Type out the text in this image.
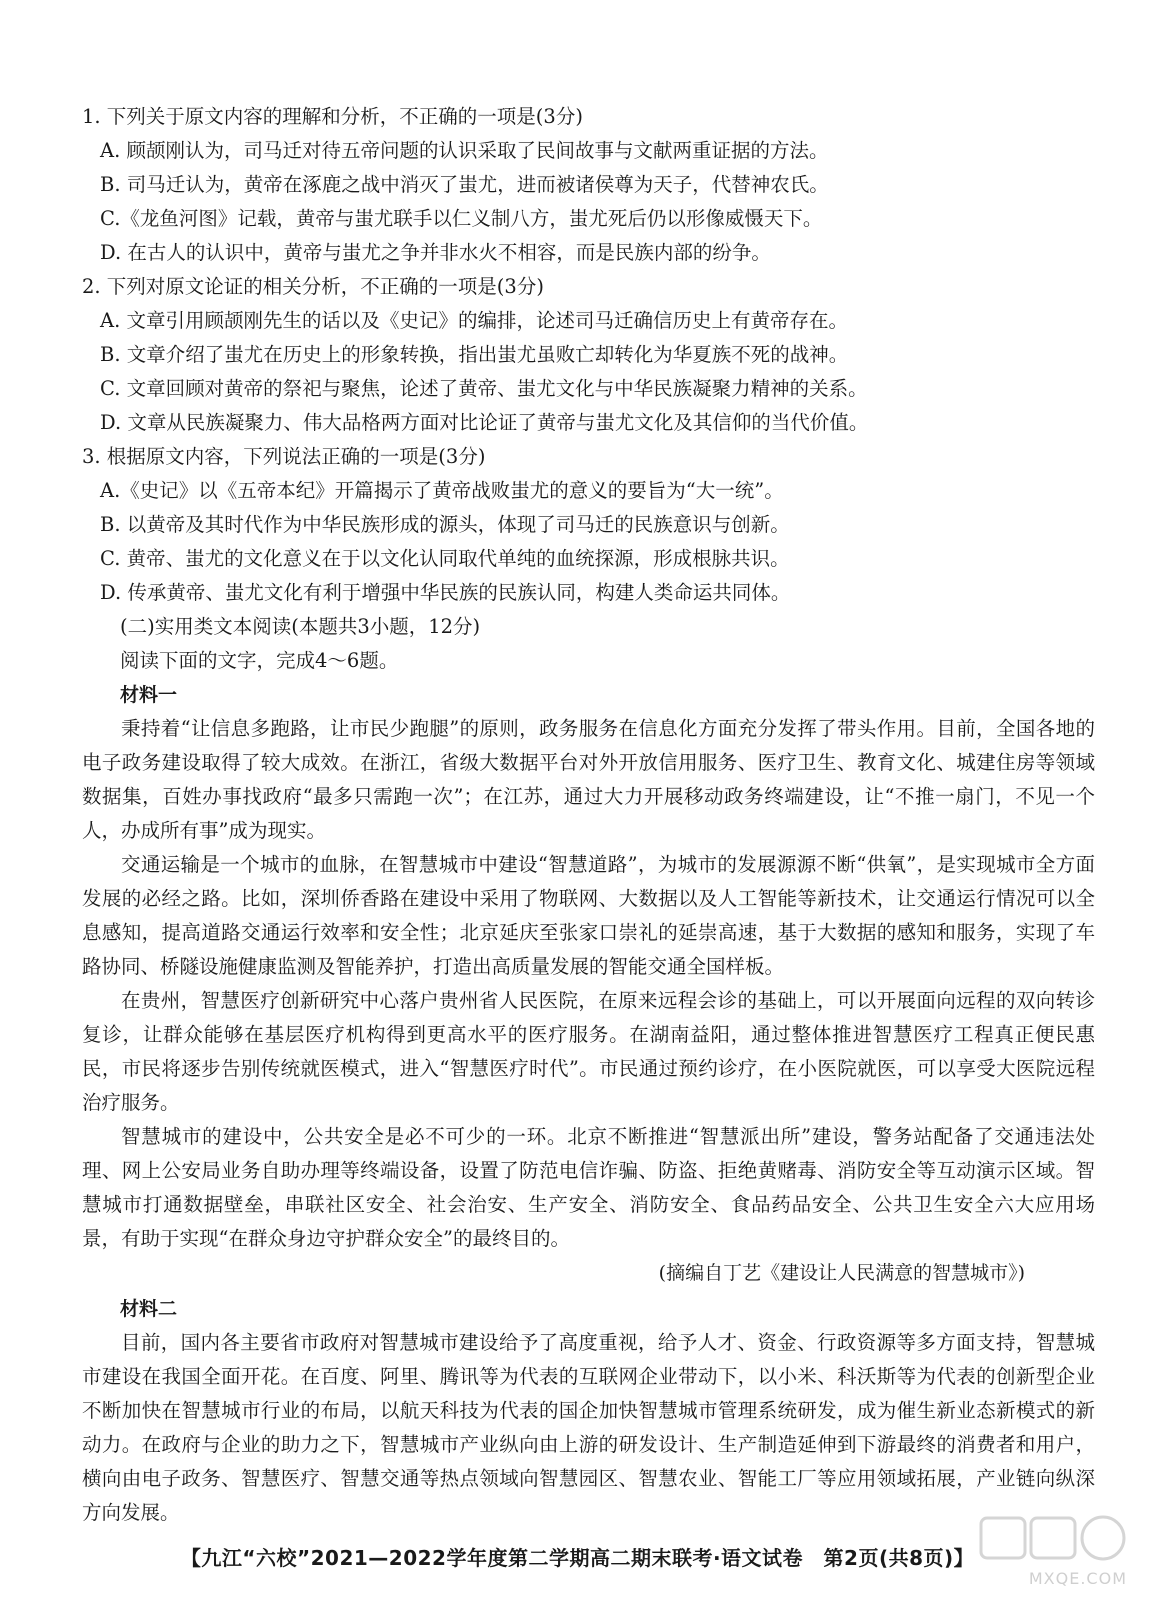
1. 下列关于原文内容的理解和分析，不正确的一项是(3分)
A. 顾颉刚认为，司马迁对待五帝问题的认识采取了民间故事与文献两重证据的方法。
B. 司马迁认为，黄帝在涿鹿之战中消灭了蚩尤，进而被诸侯尊为天子，代替神农氏。
C.《龙鱼河图》记载，黄帝与蚩尤联手以仁义制八方，蚩尤死后仍以形像威慑天下。
D. 在古人的认识中，黄帝与蚩尤之争并非水火不相容，而是民族内部的纷争。
2. 下列对原文论证的相关分析，不正确的一项是(3分)
A. 文章引用顾颉刚先生的话以及《史记》的编排，论述司马迁确信历史上有黄帝存在。
B. 文章介绍了蚩尤在历史上的形象转换，指出蚩尤虽败亡却转化为华夏族不死的战神。
C. 文章回顾对黄帝的祭祀与聚焦，论述了黄帝、蚩尤文化与中华民族凝聚力精神的关系。
D. 文章从民族凝聚力、伟大品格两方面对比论证了黄帝与蚩尤文化及其信仰的当代价值。
3. 根据原文内容，下列说法正确的一项是(3分)
A.《史记》以《五帝本纪》开篇揭示了黄帝战败蚩尤的意义的要旨为“大一统”。
B. 以黄帝及其时代作为中华民族形成的源头，体现了司马迁的民族意识与创新。
C. 黄帝、蚩尤的文化意义在于以文化认同取代单纯的血统探源，形成根脉共识。
D. 传承黄帝、蚩尤文化有利于增强中华民族的民族认同，构建人类命运共同体。
(二)实用类文本阅读(本题共3小题，12分)
阅读下面的文字，完成4～6题。
材料一

秉持着“让信息多跑路，让市民少跑腿”的原则，政务服务在信息化方面充分发挥了带头作用。目前，全国各地的电子政务建设取得了较大成效。在浙江，省级大数据平台对外开放信用服务、医疗卫生、教育文化、城建住房等领域数据集，百姓办事找政府“最多只需跑一次”；在江苏，通过大力开展移动政务终端建设，让“不推一扇门，不见一个人，办成所有事”成为现实。

交通运输是一个城市的血脉，在智慧城市中建设“智慧道路”，为城市的发展源源不断“供氧”，是实现城市全方面发展的必经之路。比如，深圳侨香路在建设中采用了物联网、大数据以及人工智能等新技术，让交通运行情况可以全息感知，提高道路交通运行效率和安全性；北京延庆至张家口崇礼的延崇高速，基于大数据的感知和服务，实现了车路协同、桥隧设施健康监测及智能养护，打造出高质量发展的智能交通全国样板。

在贵州，智慧医疗创新研究中心落户贵州省人民医院，在原来远程会诊的基础上，可以开展面向远程的双向转诊复诊，让群众能够在基层医疗机构得到更高水平的医疗服务。在湖南益阳，通过整体推进智慧医疗工程真正便民惠民，市民将逐步告别传统就医模式，进入“智慧医疗时代”。市民通过预约诊疗，在小医院就医，可以享受大医院远程治疗服务。

智慧城市的建设中，公共安全是必不可少的一环。北京不断推进“智慧派出所”建设，警务站配备了交通违法处理、网上公安局业务自助办理等终端设备，设置了防范电信诈骗、防盗、拒绝黄赌毒、消防安全等互动演示区域。智慧城市打通数据壁垒，串联社区安全、社会治安、生产安全、消防安全、食品药品安全、公共卫生安全六大应用场景，有助于实现“在群众身边守护群众安全”的最终目的。

(摘编自丁艺《建设让人民满意的智慧城市》)
材料二

目前，国内各主要省市政府对智慧城市建设给予了高度重视，给予人才、资金、行政资源等多方面支持，智慧城市建设在我国全面开花。在百度、阿里、腾讯等为代表的互联网企业带动下，以小米、科沃斯等为代表的创新型企业不断加快在智慧城市行业的布局，以航天科技为代表的国企加快智慧城市管理系统研发，成为催生新业态新模式的新动力。在政府与企业的助力之下，智慧城市产业纵向由上游的研发设计、生产制造延伸到下游最终的消费者和用户，横向由电子政务、智慧医疗、智慧交通等热点领域向智慧园区、智慧农业、智能工厂等应用领域拓展，产业链向纵深方向发展。

【九江“六校”2021—2022学年度第二学期高二期末联考·语文试卷　第2页(共8页)】
MXQE.COM
